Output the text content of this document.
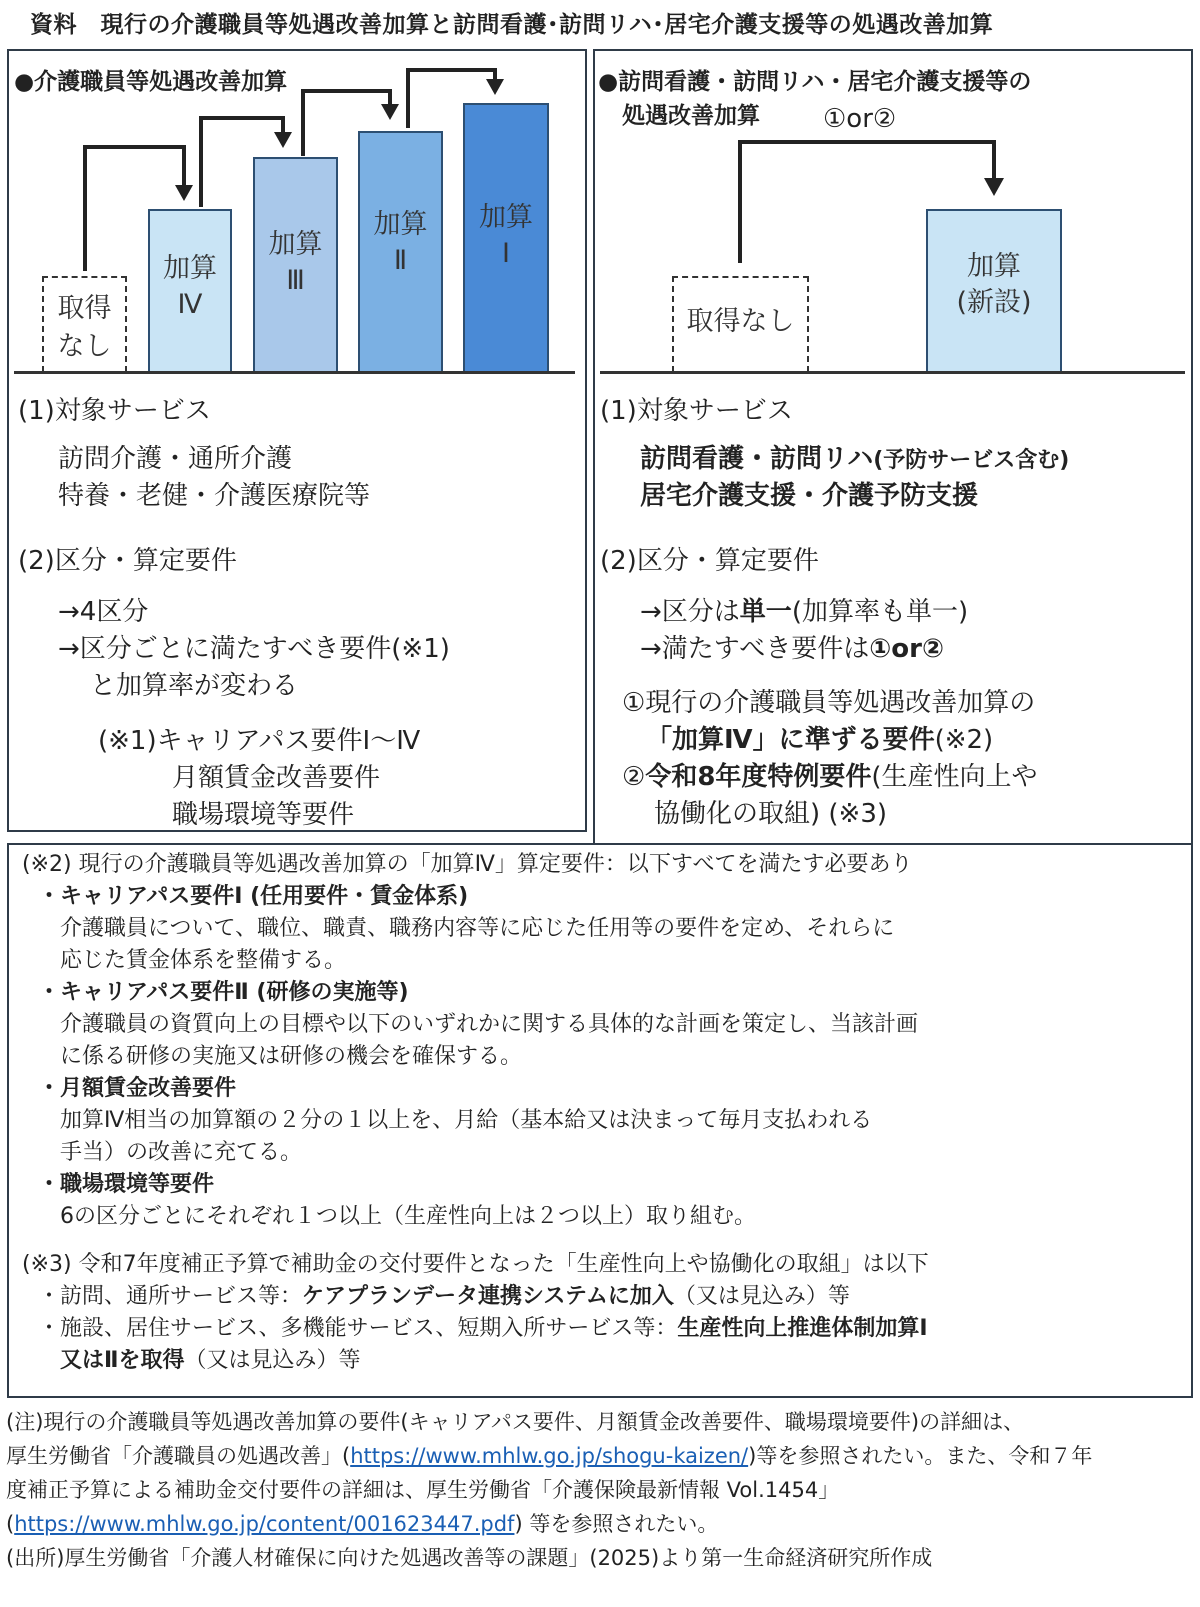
資料　現行の介護職員等処遇改善加算と訪問看護･訪問リハ･居宅介護支援等の処遇改善加算
●介護職員等処遇改善加算
取得
なし
加算
Ⅳ
加算
Ⅲ
加算
Ⅱ
加算
Ⅰ
(1)対象サービス
訪問介護・通所介護
特養・老健・介護医療院等
(2)区分・算定要件
→4区分
→区分ごとに満たすべき要件(※1)
と加算率が変わる
(※1)キャリアパス要件Ⅰ～Ⅳ
月額賃金改善要件
職場環境等要件
●訪問看護・訪問リハ・居宅介護支援等の
処遇改善加算 ①or②
取得なし
加算
(新設)
(1)対象サービス
訪問看護・訪問リハ(予防サービス含む)
居宅介護支援・介護予防支援
(2)区分・算定要件
→区分は単一(加算率も単一)
→満たすべき要件は①or②
①現行の介護職員等処遇改善加算の
「加算Ⅳ」に準ずる要件(※2)
②令和8年度特例要件(生産性向上や
協働化の取組) (※3)
(※2) 現行の介護職員等処遇改善加算の「加算Ⅳ」算定要件：以下すべてを満たす必要あり
・キャリアパス要件Ⅰ (任用要件・賃金体系)
介護職員について、職位、職責、職務内容等に応じた任用等の要件を定め、それらに
応じた賃金体系を整備する。
・キャリアパス要件Ⅱ (研修の実施等)
介護職員の資質向上の目標や以下のいずれかに関する具体的な計画を策定し、当該計画
に係る研修の実施又は研修の機会を確保する。
・月額賃金改善要件
加算Ⅳ相当の加算額の２分の１以上を、月給（基本給又は決まって毎月支払われる
手当）の改善に充てる。
・職場環境等要件
6の区分ごとにそれぞれ１つ以上（生産性向上は２つ以上）取り組む。
(※3) 令和7年度補正予算で補助金の交付要件となった「生産性向上や協働化の取組」は以下
・訪問、通所サービス等：ケアプランデータ連携システムに加入（又は見込み）等
・施設、居住サービス、多機能サービス、短期入所サービス等：生産性向上推進体制加算Ⅰ
又はⅡを取得（又は見込み）等
(注)現行の介護職員等処遇改善加算の要件(キャリアパス要件、月額賃金改善要件、職場環境要件)の詳細は、
厚生労働省「介護職員の処遇改善」(https://www.mhlw.go.jp/shogu-kaizen/)等を参照されたい。また、令和７年
度補正予算による補助金交付要件の詳細は、厚生労働省「介護保険最新情報 Vol.1454」
(https://www.mhlw.go.jp/content/001623447.pdf) 等を参照されたい。
(出所)厚生労働省「介護人材確保に向けた処遇改善等の課題」(2025)より第一生命経済研究所作成
